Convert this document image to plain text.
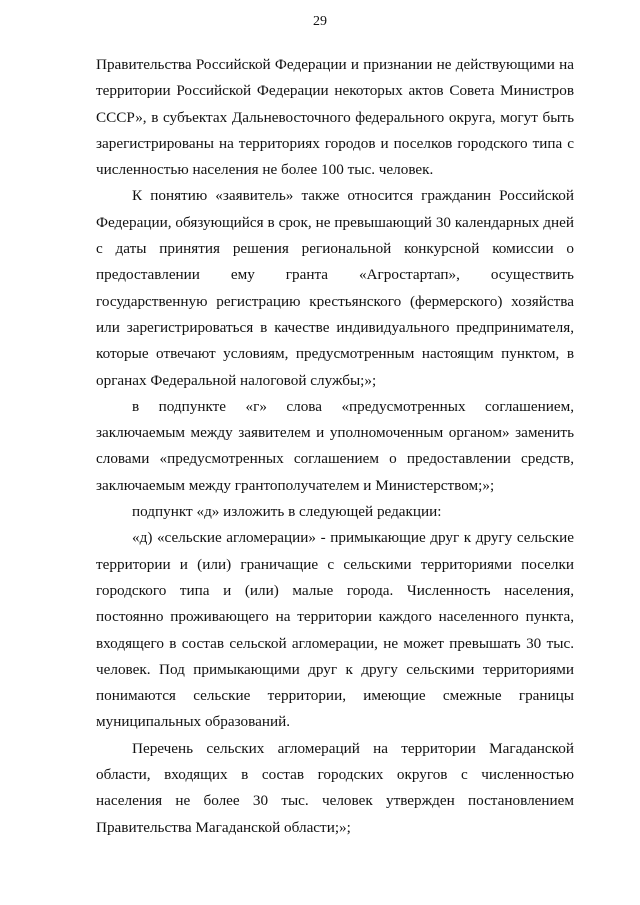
29

Правительства Российской Федерации и признании не действующими на территории Российской Федерации некоторых актов Совета Министров СССР», в субъектах Дальневосточного федерального округа, могут быть зарегистрированы на территориях городов и поселков городского типа с численностью населения не более 100 тыс. человек.

К понятию «заявитель» также относится гражданин Российской Федерации, обязующийся в срок, не превышающий 30 календарных дней с даты принятия решения региональной конкурсной комиссии о предоставлении ему гранта «Агростартап», осуществить государственную регистрацию крестьянского (фермерского) хозяйства или зарегистрироваться в качестве индивидуального предпринимателя, которые отвечают условиям, предусмотренным настоящим пунктом, в органах Федеральной налоговой службы;»;

в подпункте «г» слова «предусмотренных соглашением, заключаемым между заявителем и уполномоченным органом» заменить словами «предусмотренных соглашением о предоставлении средств, заключаемым между грантополучателем и Министерством;»;

подпункт «д» изложить в следующей редакции:

«д) «сельские агломерации» - примыкающие друг к другу сельские территории и (или) граничащие с сельскими территориями поселки городского типа и (или) малые города. Численность населения, постоянно проживающего на территории каждого населенного пункта, входящего в состав сельской агломерации, не может превышать 30 тыс. человек. Под примыкающими друг к другу сельскими территориями понимаются сельские территории, имеющие смежные границы муниципальных образований.

Перечень сельских агломераций на территории Магаданской области, входящих в состав городских округов с численностью населения не более 30 тыс. человек утвержден постановлением Правительства Магаданской области;»;
